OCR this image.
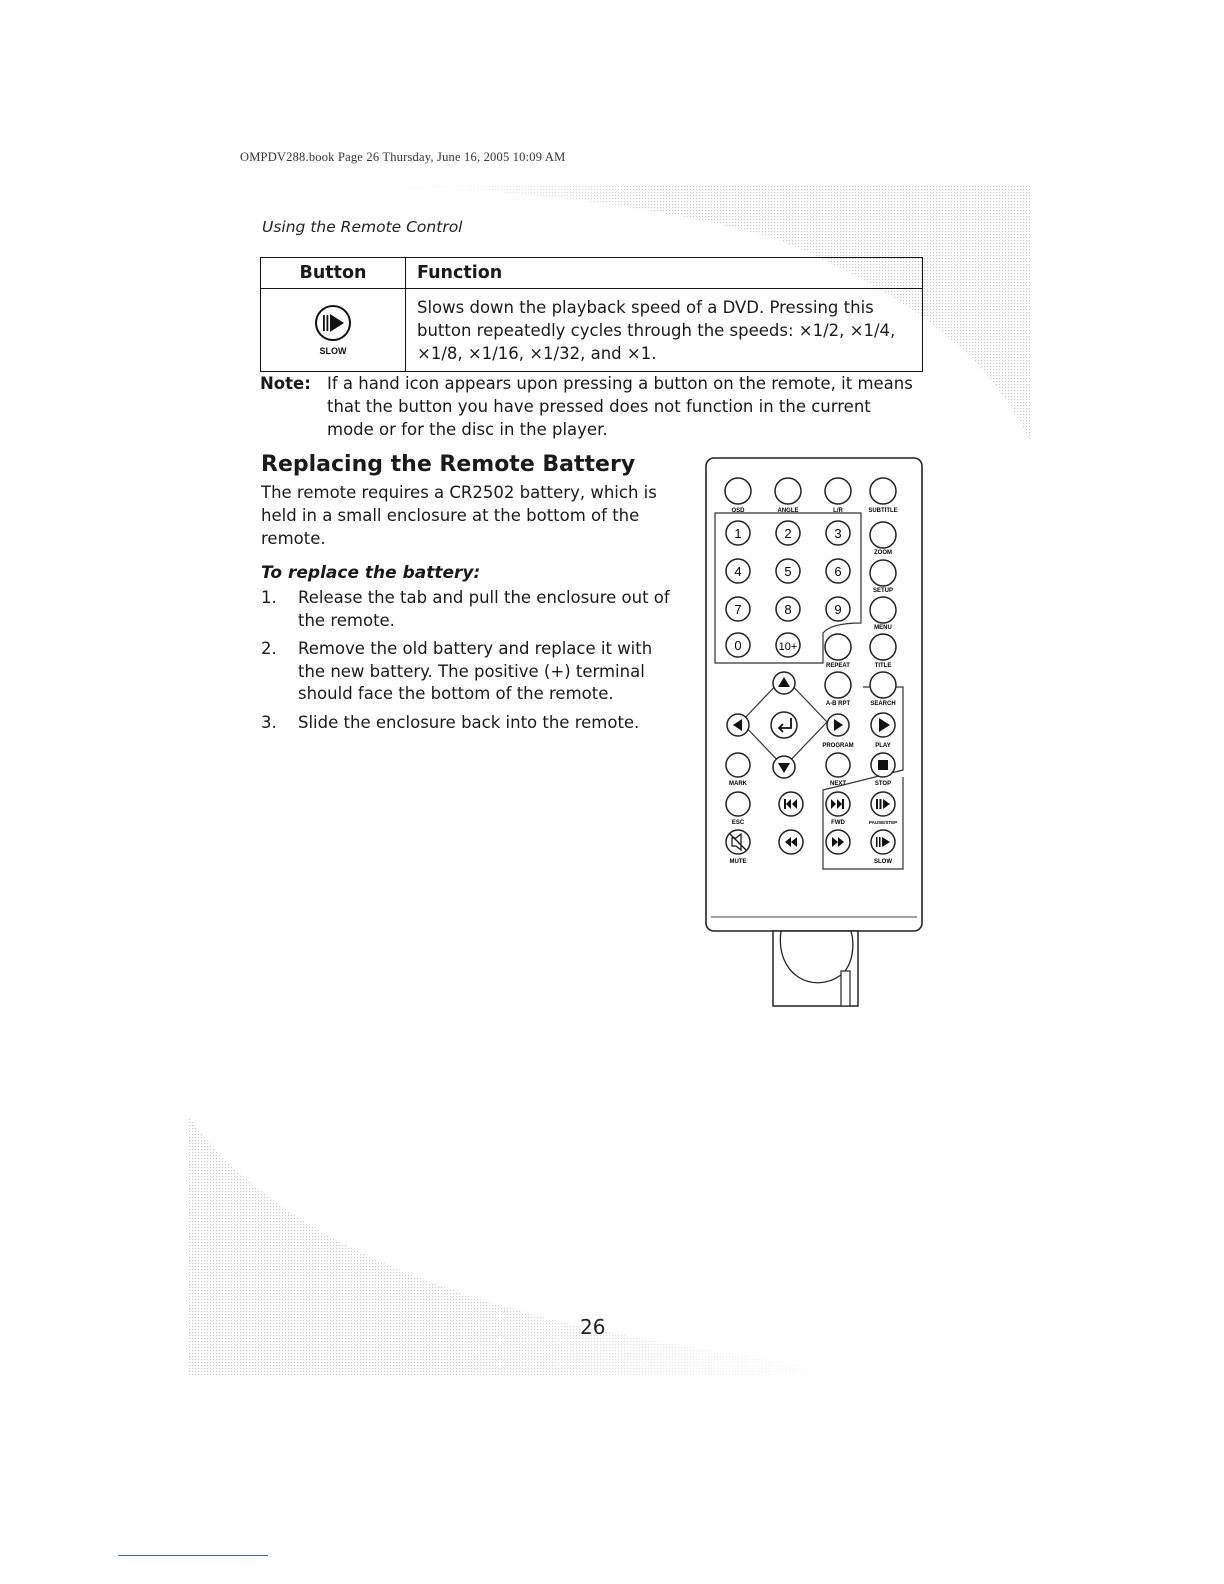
OMPDV288.book Page 26 Thursday, June 16, 2005 10:09 AM
Using the Remote Control
Button	Function

SLOW	Slows down the playback speed of a DVD. Pressing this
button repeatedly cycles through the speeds: ×1/2, ×1/4,
×1/8, ×1/16, ×1/32, and ×1.
Note: If a hand icon appears upon pressing a button on the remote, it means
that the button you have pressed does not function in the current
mode or for the disc in the player.
Replacing the Remote Battery
The remote requires a CR2502 battery, which is
held in a small enclosure at the bottom of the
remote.
To replace the battery:
1. Release the tab and pull the enclosure out of
the remote.
2. Remove the old battery and replace it with
the new battery. The positive (+) terminal
should face the bottom of the remote.
3. Slide the enclosure back into the remote.
OSD	ANGLE	L/R	SUBTITLE
1	2	3
4	5	6
7	8	9
0	10+
ZOOM
SETUP
MENU
REPEAT	TITLE
A-B RPT	SEARCH
PROGRAM	PLAY
MARK	NEXT	STOP
ESC	FWD	PAUSE/STEP
MUTE	SLOW
26
